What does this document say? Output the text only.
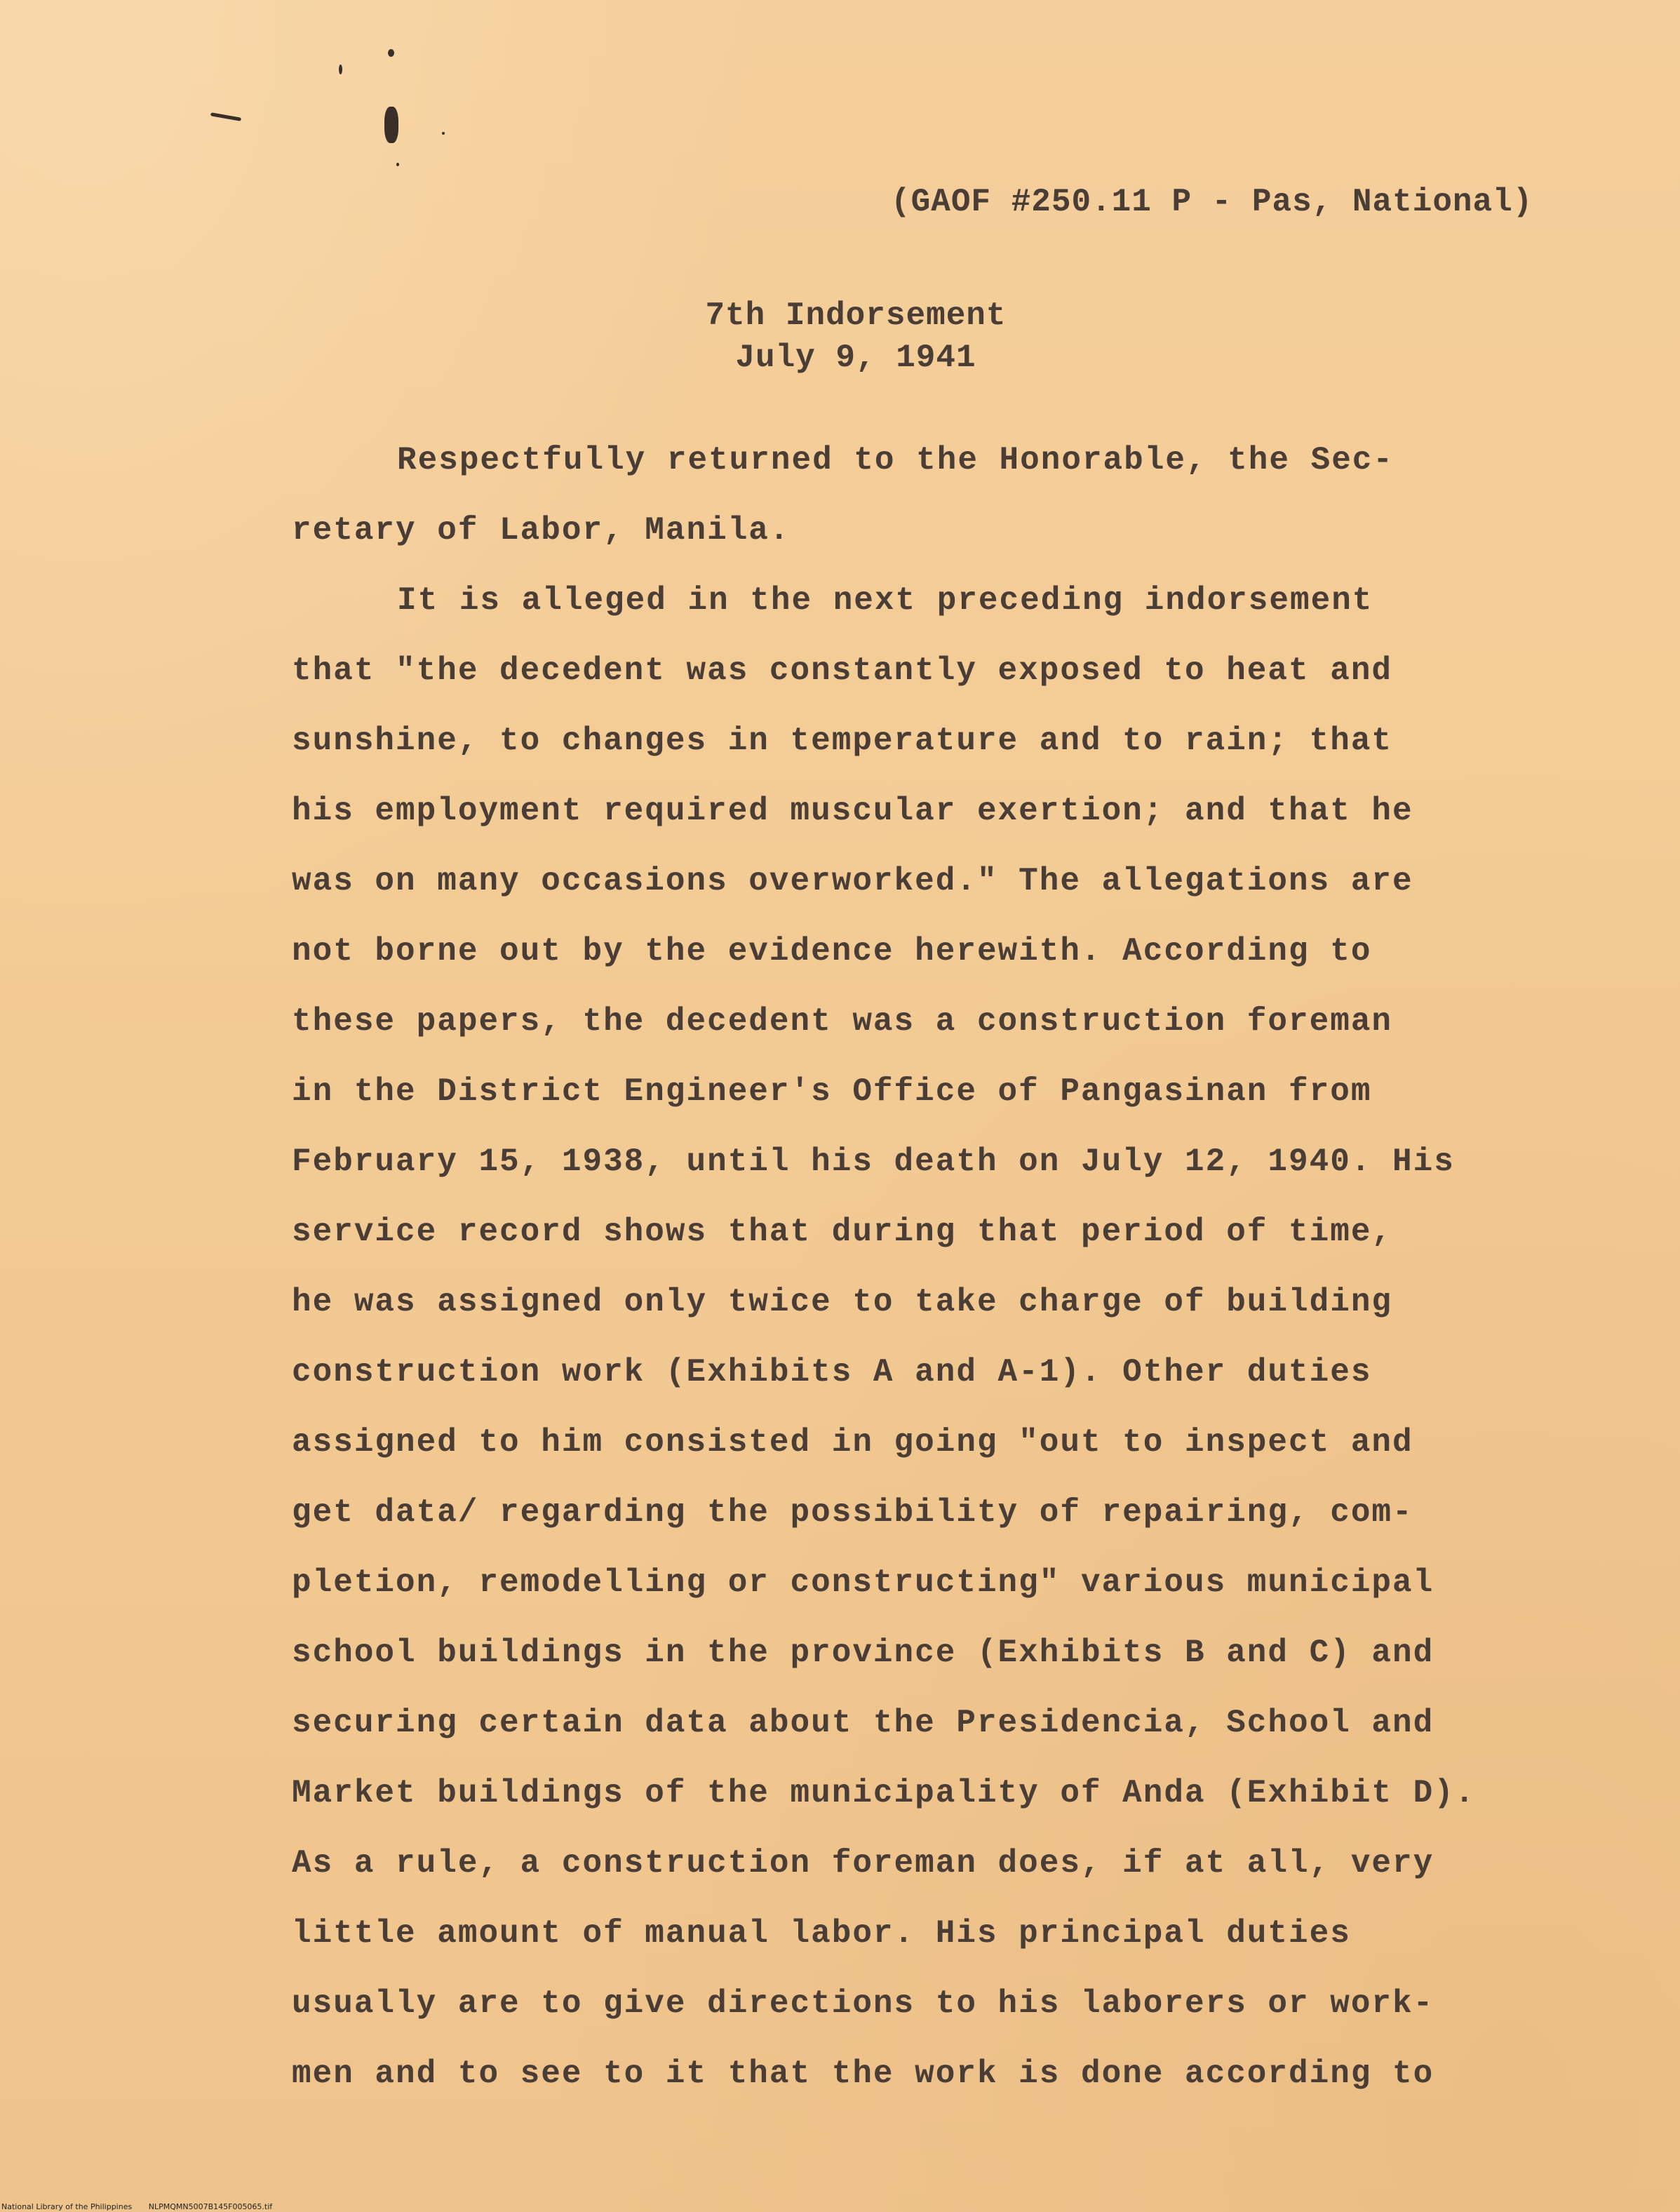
(GAOF #250.11 P - Pas, National)
7th Indorsement
July 9, 1941
Respectfully returned to the Honorable, the Sec-
retary of Labor, Manila.
It is alleged in the next preceding indorsement
that "the decedent was constantly exposed to heat and
sunshine, to changes in temperature and to rain; that
his employment required muscular exertion; and that he
was on many occasions overworked." The allegations are
not borne out by the evidence herewith. According to
these papers, the decedent was a construction foreman
in the District Engineer's Office of Pangasinan from
February 15, 1938, until his death on July 12, 1940. His
service record shows that during that period of time,
he was assigned only twice to take charge of building
construction work (Exhibits A and A-1). Other duties
assigned to him consisted in going "out to inspect and
get data/ regarding the possibility of repairing, com-
pletion, remodelling or constructing" various municipal
school buildings in the province (Exhibits B and C) and
securing certain data about the Presidencia, School and
Market buildings of the municipality of Anda (Exhibit D).
As a rule, a construction foreman does, if at all, very
little amount of manual labor. His principal duties
usually are to give directions to his laborers or work-
men and to see to it that the work is done according to
National Library of the Philippines NLPMQMN5007B145F005065.tif
